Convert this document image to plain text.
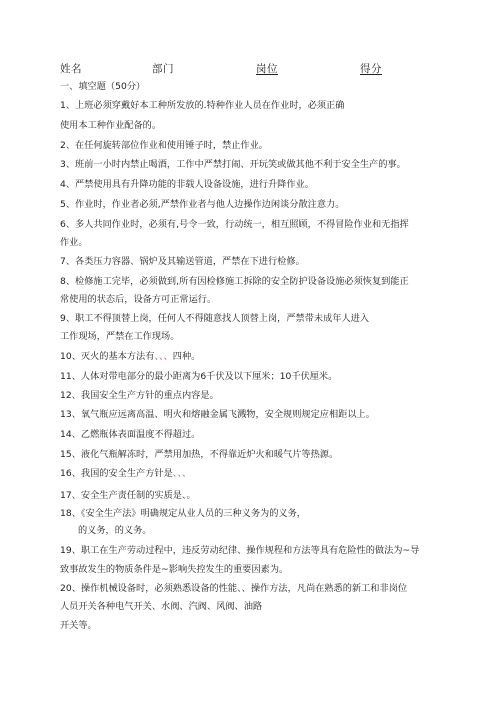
姓名	部门	岗位	得分
一、填空题（50分）
1、上班必须穿戴好本工种所发放的.特种作业人员在作业时，必须正确
使用本工种作业配备的。
2、在任何旋转部位作业和使用锤子时，禁止作业。
3、班前一小时内禁止喝酒，工作中严禁打闹、开玩笑或做其他不利于安全生产的事。
4、严禁使用具有升降功能的非载人设备设施，进行升降作业。
5、作业时，作业者必须,严禁作业者与他人边操作边闲谈分散注意力。
6、多人共同作业时，必须有,号令一致，行动统一，相互照顾，不得冒险作业和无指挥
作业。
7、各类压力容器、锅炉及其输送管道，严禁在下进行检修。
8、检修施工完毕，必须做到,所有因检修施工拆除的安全防护设备设施必须恢复到能正
常使用的状态后，设备方可正常运行。
9、职工不得顶替上岗，任何人不得随意找人顶替上岗，严禁带未成年人进入
工作现场，严禁在工作现场。
10、灭火的基本方法有、、、四种。
11、人体对带电部分的最小距离为6千伏及以下厘米；10千伏厘米。
12、我国安全生产方针的重点内容是。
13、氧气瓶应远离高温、明火和熔融金属飞溅物，安全规则规定应相距以上。
14、乙燃瓶体表面温度不得超过。
15、液化气瓶解冻时，严禁用加热，不得靠近炉火和暖气片等热源。
16、我国的安全生产方针是、、、
17、安全生产责任制的实质是、。
18、《安全生产法》明确规定从业人员的三种义务为的义务，
的义务，的义务。
19、职工在生产劳动过程中，违反劳动纪律、操作规程和方法等具有危险性的做法为~导
致事故发生的物质条件是~影响失控发生的重要因素为。
20、操作机械设备时，必须熟悉设备的性能、、操作方法，凡尚在熟悉的新工和非岗位
人员开关各种电气开关、水阀、汽阀、风阀、油路
开关等。
